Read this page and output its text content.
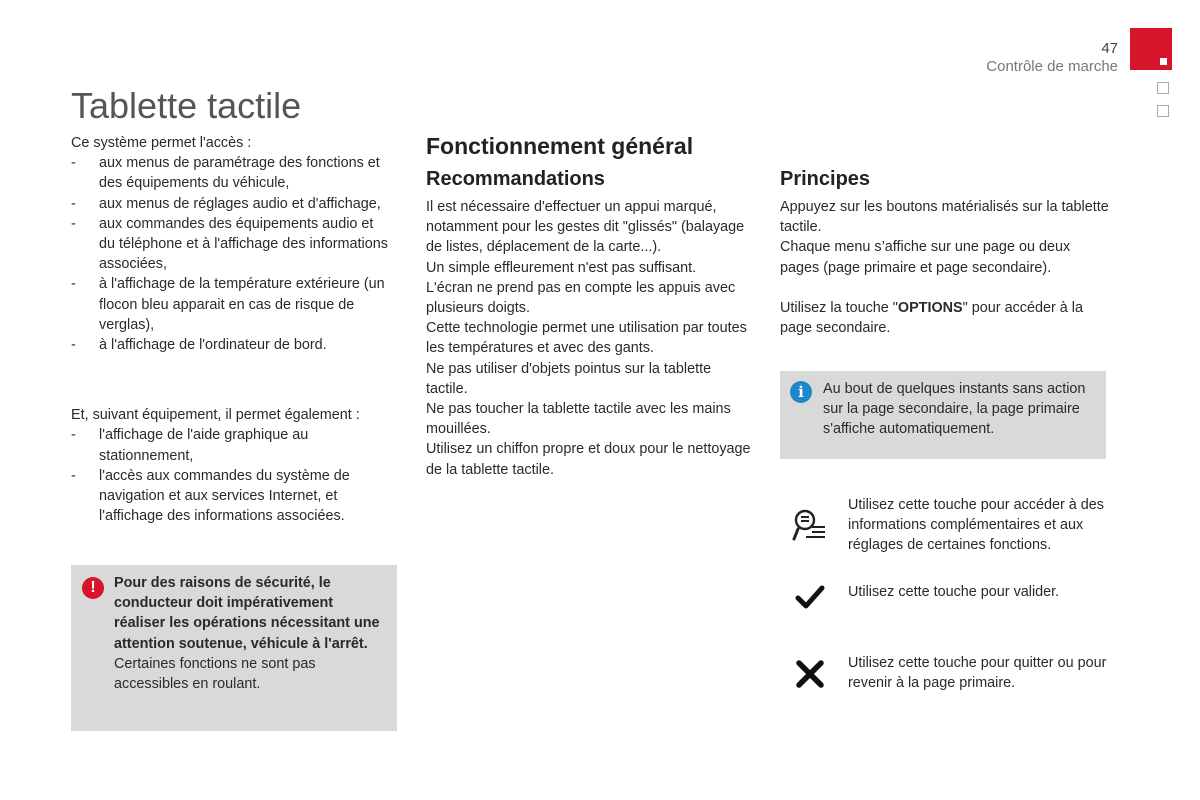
47
Contrôle de marche
Tablette tactile

Ce système permet l'accès :

- aux menus de paramétrage des fonctions et des équipements du véhicule,
- aux menus de réglages audio et d'affichage,
- aux commandes des équipements audio et du téléphone et à l'affichage des informations associées,
- à l'affichage de la température extérieure (un flocon bleu apparait en cas de risque de verglas),
- à l'affichage de l'ordinateur de bord.

Et, suivant équipement, il permet également :

- l'affichage de l'aide graphique au stationnement,
- l'accès aux commandes du système de navigation et aux services Internet, et l'affichage des informations associées.
!	Pour des raisons de sécurité, le conducteur doit impérativement réaliser les opérations nécessitant une attention soutenue, véhicule à l'arrêt.

Certaines fonctions ne sont pas accessibles en roulant.

Fonctionnement général
Recommandations

Il est nécessaire d'effectuer un appui marqué, notamment pour les gestes dit "glissés" (balayage de listes, déplacement de la carte...).

Un simple effleurement n'est pas suffisant.

L'écran ne prend pas en compte les appuis avec plusieurs doigts.

Cette technologie permet une utilisation par toutes les températures et avec des gants.

Ne pas utiliser d'objets pointus sur la tablette tactile.

Ne pas toucher la tablette tactile avec les mains mouillées.

Utilisez un chiffon propre et doux pour le nettoyage de la tablette tactile.

Principes

Appuyez sur les boutons matérialisés sur la tablette tactile.

Chaque menu s’affiche sur une page ou deux pages (page primaire et page secondaire).

Utilisez la touche "OPTIONS" pour accéder à la page secondaire.

i	Au bout de quelques instants sans action sur la page secondaire, la page primaire s'affiche automatiquement.

Utilisez cette touche pour accéder à des informations complémentaires et aux réglages de certaines fonctions.
Utilisez cette touche pour valider.
Utilisez cette touche pour quitter ou pour revenir à la page primaire.
